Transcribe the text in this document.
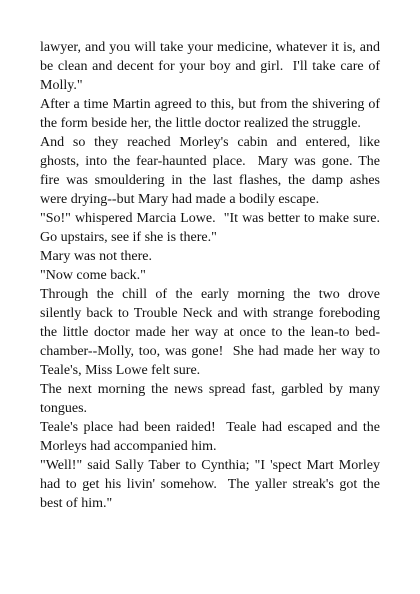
lawyer, and you will take your medicine, whatever it is, and be clean and decent for your boy and girl.  I'll take care of Molly."

After a time Martin agreed to this, but from the shivering of the form beside her, the little doctor realized the struggle.

And so they reached Morley's cabin and entered, like ghosts, into the fear-haunted place.  Mary was gone. The fire was smouldering in the last flashes, the damp ashes were drying--but Mary had made a bodily escape.

"So!" whispered Marcia Lowe.  "It was better to make sure.  Go upstairs, see if she is there."

Mary was not there.

"Now come back."

Through the chill of the early morning the two drove silently back to Trouble Neck and with strange foreboding the little doctor made her way at once to the lean-to bed-chamber--Molly, too, was gone!  She had made her way to Teale's, Miss Lowe felt sure.

The next morning the news spread fast, garbled by many tongues.

Teale's place had been raided!  Teale had escaped and the Morleys had accompanied him.

"Well!" said Sally Taber to Cynthia; "I 'spect Mart Morley had to get his livin' somehow.  The yaller streak's got the best of him."
